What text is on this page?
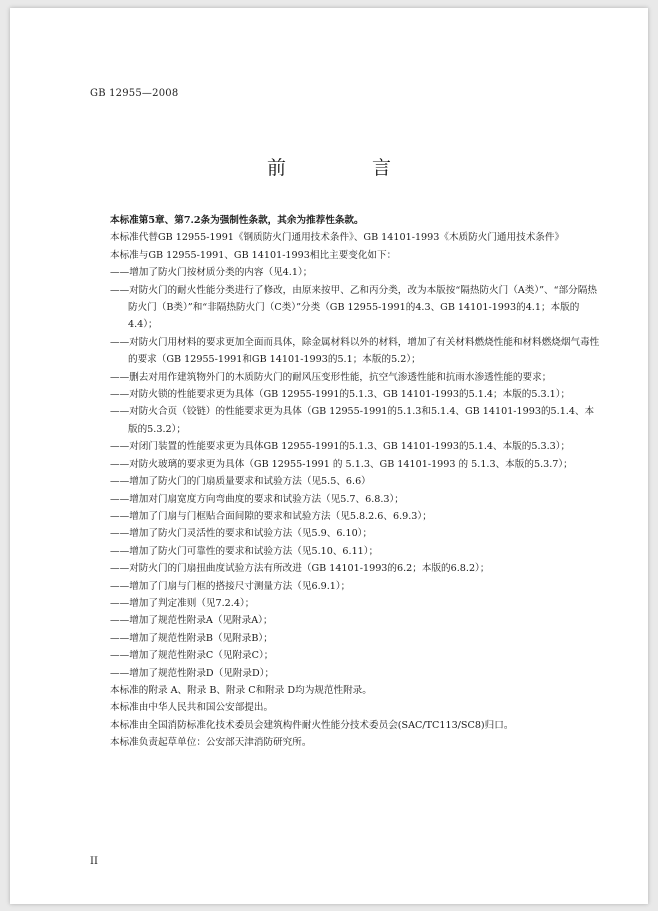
GB 12955—2008
前 言

本标准第5章、第7.2条为强制性条款，其余为推荐性条款。

本标准代替GB 12955-1991《钢质防火门通用技术条件》、GB 14101-1993《木质防火门通用技术条件》

本标准与GB 12955-1991、GB 14101-1993相比主要变化如下：

——增加了防火门按材质分类的内容（见4.1）；

——对防火门的耐火性能分类进行了修改，由原来按甲、乙和丙分类，改为本版按“隔热防火门（A类）”、“部分隔热防火门（B类）”和“非隔热防火门（C类）”分类（GB 12955-1991的4.3、GB 14101-1993的4.1；本版的4.4）；

——对防火门用材料的要求更加全面而具体，除金属材料以外的材料，增加了有关材料燃烧性能和材料燃烧烟气毒性的要求（GB 12955-1991和GB 14101-1993的5.1；本版的5.2）；

——删去对用作建筑物外门的木质防火门的耐风压变形性能，抗空气渗透性能和抗雨水渗透性能的要求；

——对防火锁的性能要求更为具体（GB 12955-1991的5.1.3、GB 14101-1993的5.1.4；本版的5.3.1）；

——对防火合页（铰链）的性能要求更为具体（GB 12955-1991的5.1.3和5.1.4、GB 14101-1993的5.1.4、本版的5.3.2）；

——对闭门装置的性能要求更为具体GB 12955-1991的5.1.3、GB 14101-1993的5.1.4、本版的5.3.3）；

——对防火玻璃的要求更为具体（GB 12955-1991 的 5.1.3、GB 14101-1993 的 5.1.3、本版的5.3.7）；

——增加了防火门的门扇质量要求和试验方法（见5.5、6.6）

——增加对门扇宽度方向弯曲度的要求和试验方法（见5.7、6.8.3）；

——增加了门扇与门框贴合面间隙的要求和试验方法（见5.8.2.6、6.9.3）；

——增加了防火门灵活性的要求和试验方法（见5.9、6.10）；

——增加了防火门可靠性的要求和试验方法（见5.10、6.11）；

——对防火门的门扇扭曲度试验方法有所改进（GB 14101-1993的6.2；本版的6.8.2）；

——增加了门扇与门框的搭接尺寸测量方法（见6.9.1）；

——增加了判定准则（见7.2.4）；

——增加了规范性附录A（见附录A）；

——增加了规范性附录B（见附录B）；

——增加了规范性附录C（见附录C）；

——增加了规范性附录D（见附录D）；

本标准的附录 A、附录 B、附录 C和附录 D均为规范性附录。

本标准由中华人民共和国公安部提出。

本标准由全国消防标准化技术委员会建筑构件耐火性能分技术委员会(SAC/TC113/SC8)归口。

本标准负责起草单位：公安部天津消防研究所。

II
